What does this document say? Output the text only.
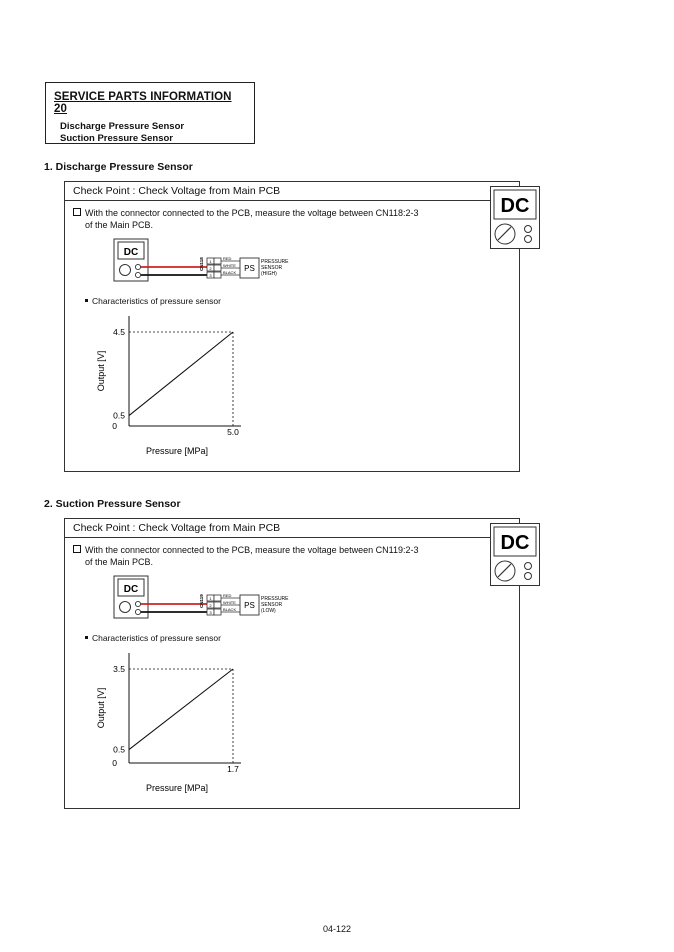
SERVICE PARTS INFORMATION 20
Discharge Pressure Sensor
Suction Pressure Sensor
1. Discharge Pressure Sensor
Check Point : Check Voltage from Main PCB
With the connector connected to the PCB, measure the voltage between CN118:2-3
of the Main PCB.
DC
CN118 1
2
3
RED
WHITE
BLACK PS
PRESSURE
SENSOR
(HIGH)
Characteristics of pressure sensor
0.5
4.5
0
5.0
Pressure [MPa]
Output [V]
DC
2. Suction Pressure Sensor
Check Point : Check Voltage from Main PCB
With the connector connected to the PCB, measure the voltage between CN119:2-3
of the Main PCB.
DC
CN119 1
2
3
RED
WHITE
BLACK PS
PRESSURE
SENSOR
(LOW)
Characteristics of pressure sensor
0.5
3.5
0
1.7
Pressure [MPa]
Output [V]
DC
04-122
